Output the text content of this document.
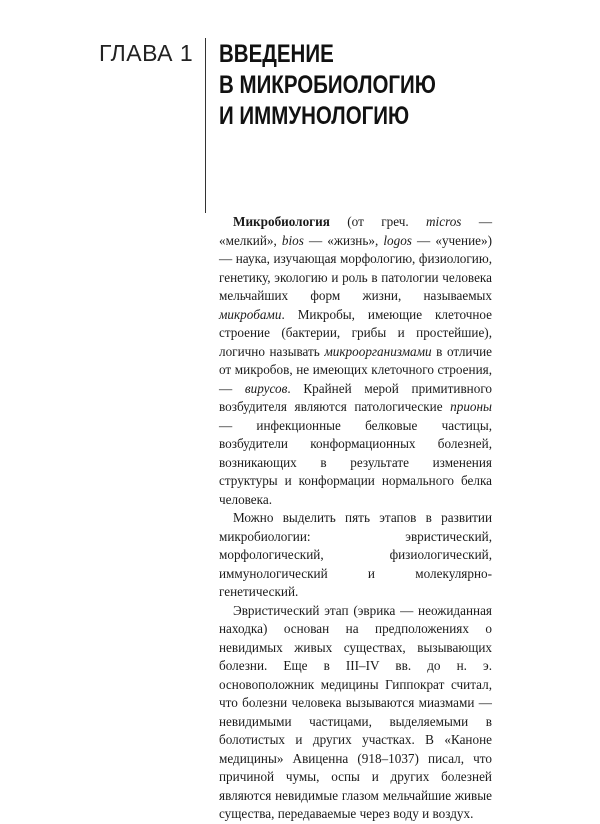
ГЛАВА 1 ВВЕДЕНИЕ
В МИКРОБИОЛОГИЮ
И ИММУНОЛОГИЮ

Микробиология (от греч. micros — «мелкий», bios — «жизнь», logos — «учение») — наука, изучающая морфологию, физиологию, генетику, экологию и роль в патологии человека мельчайших форм жизни, называемых микробами. Микробы, имеющие клеточное строение (бактерии, грибы и простейшие), логично называть микроорганизмами в отличие от микробов, не имеющих клеточного строения, — вирусов. Крайней мерой примитивного возбудителя являются патологические прионы — инфекционные белковые частицы, возбудители конформационных болезней, возникающих в результате изменения структуры и конформации нормального белка человека.

Можно выделить пять этапов в развитии микробиологии: эвристический, морфологический, физиологический, иммунологический и молекулярно-генетический.

Эвристический этап (эврика — неожиданная находка) основан на предположениях о невидимых живых существах, вызывающих болезни. Еще в III–IV вв. до н. э. основоположник медицины Гиппократ считал, что болезни человека вызываются миазмами — невидимыми частицами, выделяемыми в болотистых и других участках. В «Каноне медицины» Авиценна (918–1037) писал, что причиной чумы, оспы и других болезней являются невидимые глазом мельчайшие живые существа, передаваемые через воду и воздух.
